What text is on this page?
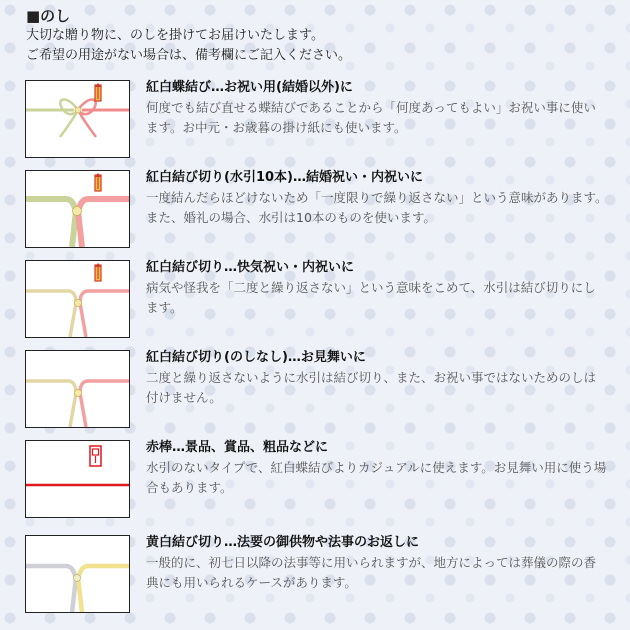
■のし
大切な贈り物に、のしを掛けてお届けいたします。
ご希望の用途がない場合は、備考欄にご記入ください。
紅白蝶結び…お祝い用(結婚以外)に
何度でも結び直せる蝶結びであることから「何度あってもよい」お祝い事に使います。お中元・お歳暮の掛け紙にも使います。
紅白結び切り(水引10本)…結婚祝い・内祝いに
一度結んだらほどけないため「一度限りで繰り返さない」という意味があります。また、婚礼の場合、水引は10本のものを使います。
紅白結び切り…快気祝い・内祝いに
病気や怪我を「二度と繰り返さない」という意味をこめて、水引は結び切りにします。
紅白結び切り(のしなし)…お見舞いに
二度と繰り返さないように水引は結び切り、また、お祝い事ではないためのしは付けません。
赤棒…景品、賞品、粗品などに
水引のないタイプで、紅白蝶結びよりカジュアルに使えます。お見舞い用に使う場合もあります。
黄白結び切り…法要の御供物や法事のお返しに
一般的に、初七日以降の法事等に用いられますが、地方によっては葬儀の際の香典にも用いられるケースがあります。
